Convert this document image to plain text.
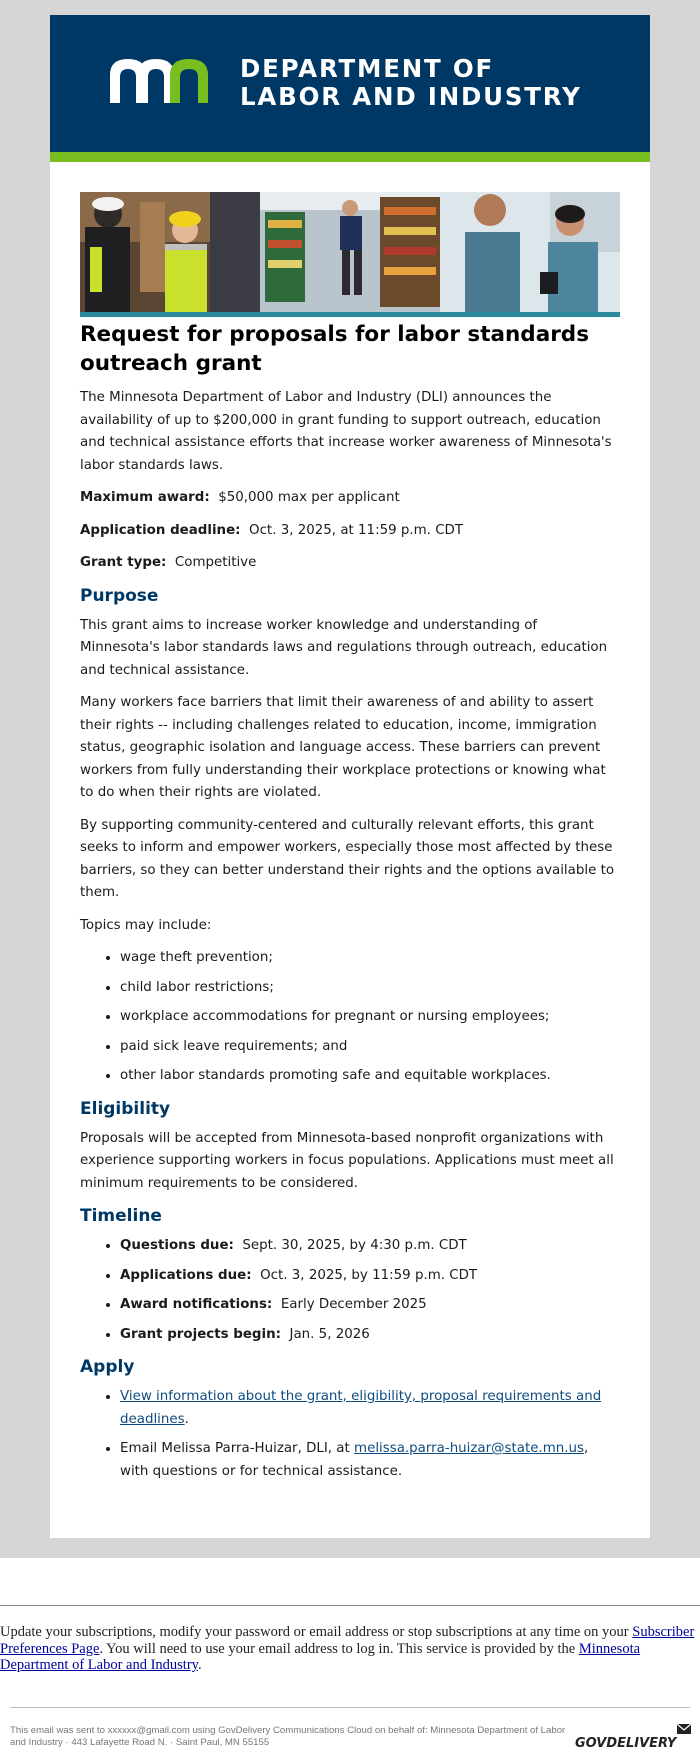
DEPARTMENT OF
LABOR AND INDUSTRY
Request for proposals for labor standards outreach grant

The Minnesota Department of Labor and Industry (DLI) announces the availability of up to $200,000 in grant funding to support outreach, education and technical assistance efforts that increase worker awareness of Minnesota's labor standards laws.

Maximum award: $50,000 max per applicant

Application deadline: Oct. 3, 2025, at 11:59 p.m. CDT

Grant type: Competitive

Purpose

This grant aims to increase worker knowledge and understanding of Minnesota's labor standards laws and regulations through outreach, education and technical assistance.

Many workers face barriers that limit their awareness of and ability to assert their rights -- including challenges related to education, income, immigration status, geographic isolation and language access. These barriers can prevent workers from fully understanding their workplace protections or knowing what to do when their rights are violated.

By supporting community-centered and culturally relevant efforts, this grant seeks to inform and empower workers, especially those most affected by these barriers, so they can better understand their rights and the options available to them.

Topics may include:

• wage theft prevention;
• child labor restrictions;
• workplace accommodations for pregnant or nursing employees;
• paid sick leave requirements; and
• other labor standards promoting safe and equitable workplaces.
Eligibility

Proposals will be accepted from Minnesota-based nonprofit organizations with experience supporting workers in focus populations. Applications must meet all minimum requirements to be considered.

Timeline
• Questions due: Sept. 30, 2025, by 4:30 p.m. CDT
• Applications due: Oct. 3, 2025, by 11:59 p.m. CDT
• Award notifications: Early December 2025
• Grant projects begin: Jan. 5, 2026
Apply
• View information about the grant, eligibility, proposal requirements and deadlines.
• Email Melissa Parra-Huizar, DLI, at melissa.parra-huizar@state.mn.us, with questions or for technical assistance.

Update your subscriptions, modify your password or email address or stop subscriptions at any time on your Subscriber Preferences Page. You will need to use your email address to log in. This service is provided by the Minnesota Department of Labor and Industry.

This email was sent to xxxxxx@gmail.com using GovDelivery Communications Cloud on behalf of: Minnesota Department of Labor and Industry · 443 Lafayette Road N. · Saint Paul, MN 55155	GOVDELIVERY
